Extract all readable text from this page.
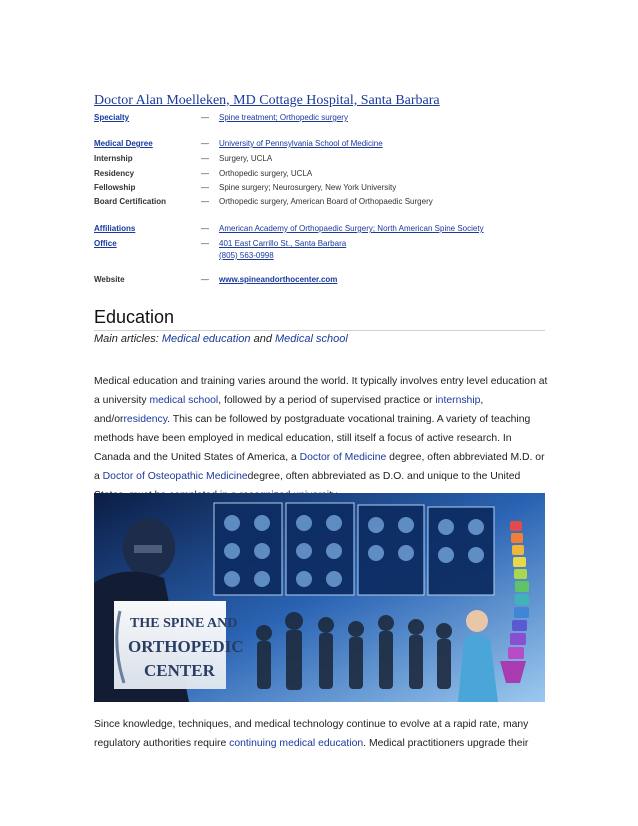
Doctor Alan Moelleken, MD Cottage Hospital, Santa Barbara
Specialty	— Spine treatment; Orthopedic surgery
Medical Degree	— University of Pennsylvania School of Medicine
Internship	— Surgery, UCLA
Residency	— Orthopedic surgery, UCLA
Fellowship	— Spine surgery; Neurosurgery, New York University
Board Certification	— Orthopedic surgery, American Board of Orthopaedic Surgery
Affiliations	— American Academy of Orthopaedic Surgery; North American Spine Society
Office	— 401 East Carrillo St., Santa Barbara
(805) 563-0998
Website	— www.spineandorthocenter.com
Education
Main articles: Medical education and Medical school
Medical education and training varies around the world. It typically involves entry level education at a university medical school, followed by a period of supervised practice or internship, and/orresidency. This can be followed by postgraduate vocational training. A variety of teaching methods have been employed in medical education, still itself a focus of active research. In Canada and the United States of America, a Doctor of Medicine degree, often abbreviated M.D. or a Doctor of Osteopathic Medicinedegree, often abbreviated as D.O. and unique to the United
THE SPINE AND
ORTHOPEDIC
CENTER
Since knowledge, techniques, and medical technology continue to evolve at a rapid rate, many regulatory authorities require continuing medical education. Medical practitioners upgrade their
